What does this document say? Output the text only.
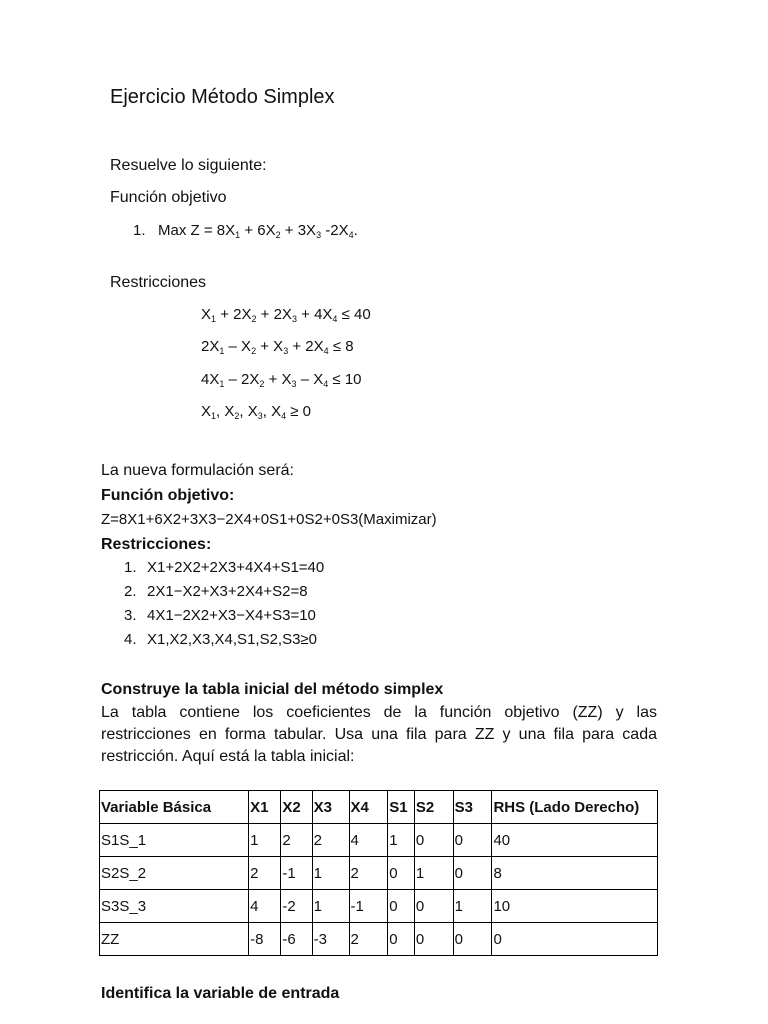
Ejercicio Método Simplex
Resuelve lo siguiente:
Función objetivo
1. Max $Z = 8X_1 + 6X_2 + 3X_3$ $-2X_4$.
Restricciones
$X_1 + 2X_2 + 2X_3 + 4X_4 \le 40$
$2X_1 - X_2 + X_3 + 2X_4 \le 8$
$4X_1 - 2X_2 + X_3 - X_4 \le 10$
$X_1$, $X_2$, $X_3$, $X_4 \ge 0$
La nueva formulación será:
Función objetivo:
Z=8X1+6X2+3X3−2X4+0S1+0S2+0S3(Maximizar)
Restricciones:
1. X1+2X2+2X3+4X4+S1=40
2. 2X1−X2+X3+2X4+S2=8
3. 4X1−2X2+X3−X4+S3=10
4. X1,X2,X3,X4,S1,S2,S3≥0
Construye la tabla inicial del método simplex
La tabla contiene los coeficientes de la función objetivo (ZZ) y las restricciones en forma tabular. Usa una fila para ZZ y una fila para cada restricción. Aquí está la tabla inicial:
Variable Básica	X1	X2	X3	X4	S1	S2	S3	RHS (Lado Derecho)
S1S_1	1	2	2	4	1	0	0	40
S2S_2	2	-1	1	2	0	1	0	8
S3S_3	4	-2	1	-1	0	0	1	10
ZZ	-8	-6	-3	2	0	0	0	0
Identifica la variable de entrada
